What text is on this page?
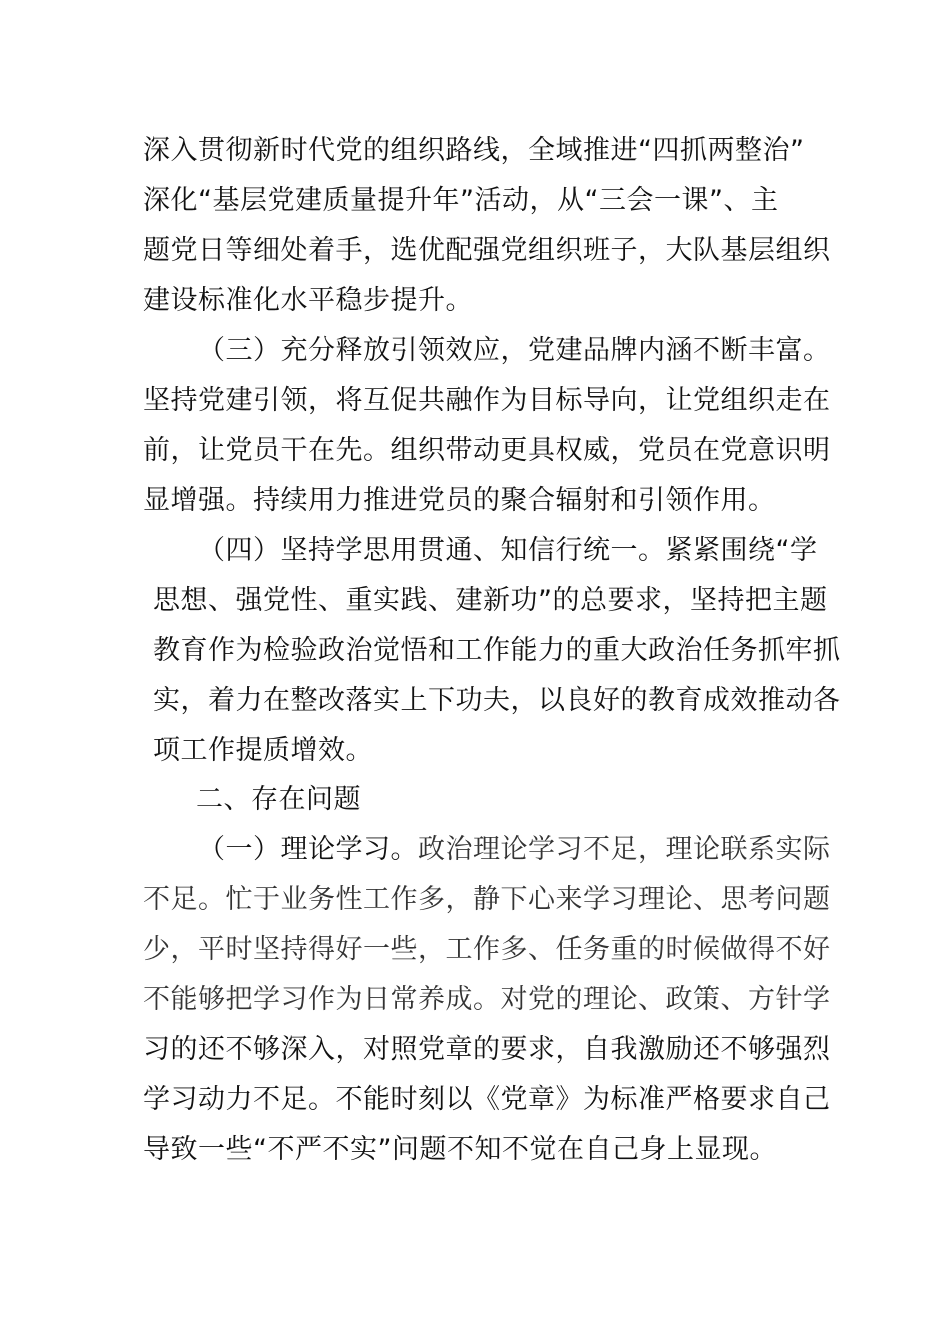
深入贯彻新时代党的组织路线，全域推进“四抓两整治”
深化“基层党建质量提升年”活动，从“三会一课”、主
题党日等细处着手，选优配强党组织班子，大队基层组织
建设标准化水平稳步提升。
（三）充分释放引领效应，党建品牌内涵不断丰富。
坚持党建引领，将互促共融作为目标导向，让党组织走在
前，让党员干在先。组织带动更具权威，党员在党意识明
显增强。持续用力推进党员的聚合辐射和引领作用。
（四）坚持学思用贯通、知信行统一。紧紧围绕“学
思想、强党性、重实践、建新功”的总要求，坚持把主题
教育作为检验政治觉悟和工作能力的重大政治任务抓牢抓
实，着力在整改落实上下功夫，以良好的教育成效推动各
项工作提质增效。
二、存在问题
（一）理论学习。政治理论学习不足，理论联系实际
不足。忙于业务性工作多，静下心来学习理论、思考问题
少，平时坚持得好一些，工作多、任务重的时候做得不好
不能够把学习作为日常养成。对党的理论、政策、方针学
习的还不够深入，对照党章的要求，自我激励还不够强烈
学习动力不足。不能时刻以《党章》为标准严格要求自己
导致一些“不严不实”问题不知不觉在自己身上显现。
